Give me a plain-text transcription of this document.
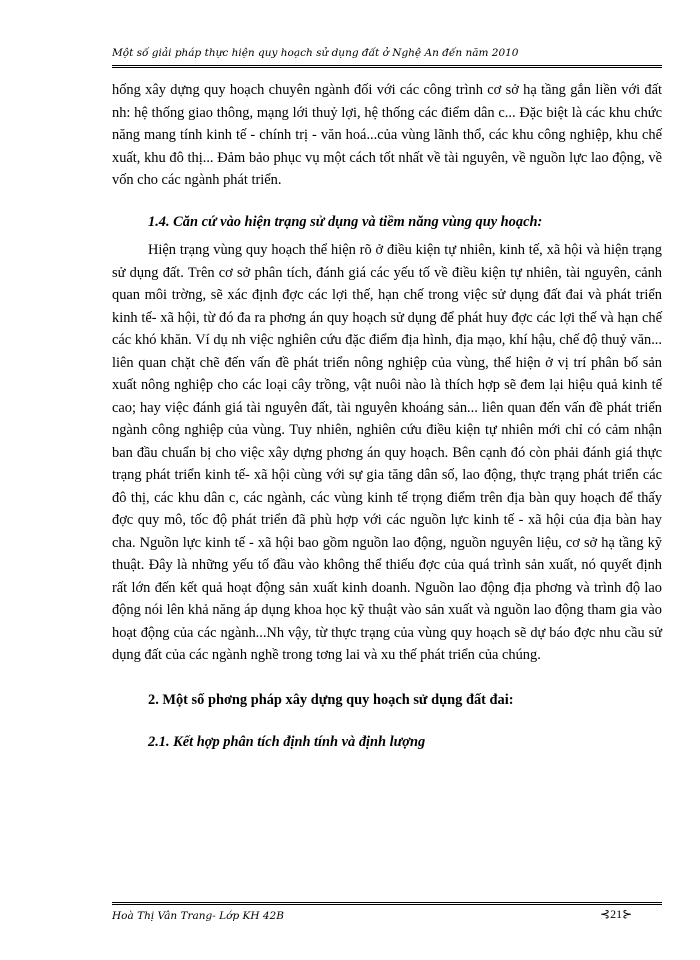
Một số giải pháp thực hiện quy hoạch sử dụng đất ở Nghệ An đến năm 2010

hống xây dựng quy hoạch chuyên ngành đối với các công trình cơ sở hạ tầng gắn liền với đất nh: hệ thống giao thông, mạng lới thuỷ lợi, hệ thống các điểm dân c... Đặc biệt là các khu chức năng mang tính kinh tế - chính trị - văn hoá...của vùng lãnh thổ, các khu công nghiệp, khu chế xuất, khu đô thị... Đảm bảo phục vụ một cách tốt nhất về tài nguyên, về nguồn lực lao động, về vốn cho các ngành phát triển.

1.4. Căn cứ vào hiện trạng sử dụng và tiềm năng vùng quy hoạch:

Hiện trạng vùng quy hoạch thể hiện rõ ở điều kiện tự nhiên, kinh tế, xã hội và hiện trạng sử dụng đất. Trên cơ sở phân tích, đánh giá các yếu tố về điều kiện tự nhiên, tài nguyên, cảnh quan môi trờng, sẽ xác định đợc các lợi thế, hạn chế trong việc sử dụng đất đai và phát triển kinh tế- xã hội, từ đó đa ra phơng án quy hoạch sử dụng để phát huy đợc các lợi thế và hạn chế các khó khăn. Ví dụ nh việc nghiên cứu đặc điểm địa hình, địa mạo, khí hậu, chế độ thuỷ văn... liên quan chặt chẽ đến vấn đề phát triển nông nghiệp của vùng, thể hiện ở vị trí phân bố sản xuất nông nghiệp cho các loại cây trồng, vật nuôi nào là thích hợp sẽ đem lại hiệu quả kinh tế cao; hay việc đánh giá tài nguyên đất, tài nguyên khoáng sản... liên quan đến vấn đề phát triển ngành công nghiệp của vùng. Tuy nhiên, nghiên cứu điều kiện tự nhiên mới chỉ có cảm nhận ban đầu chuẩn bị cho việc xây dựng phơng án quy hoạch. Bên cạnh đó còn phải đánh giá thực trạng phát triển kinh tế- xã hội cùng với sự gia tăng dân số, lao động, thực trạng phát triển các đô thị, các khu dân c, các ngành, các vùng kinh tế trọng điểm trên địa bàn quy hoạch để thấy đợc quy mô, tốc độ phát triển đã phù hợp với các nguồn lực kinh tế - xã hội của địa bàn hay cha. Nguồn lực kinh tế - xã hội bao gồm nguồn lao động, nguồn nguyên liệu, cơ sở hạ tầng kỹ thuật. Đây là những yếu tố đầu vào không thể thiếu đợc của quá trình sản xuất, nó quyết định rất lớn đến kết quả hoạt động sản xuất kinh doanh. Nguồn lao động địa phơng và trình độ lao động nói lên khả năng áp dụng khoa học kỹ thuật vào sản xuất và nguồn lao động tham gia vào hoạt động của các ngành...Nh vậy, từ thực trạng của vùng quy hoạch sẽ dự báo đợc nhu cầu sử dụng đất của các ngành nghề trong tơng lai và xu thế phát triển của chúng.

2. Một số phơng pháp xây dựng quy hoạch sử dụng đất đai:
2.1. Kết hợp phân tích định tính và định lượng
Hoà Thị Vân Trang- Lớp KH 42B	⊰21⊱
